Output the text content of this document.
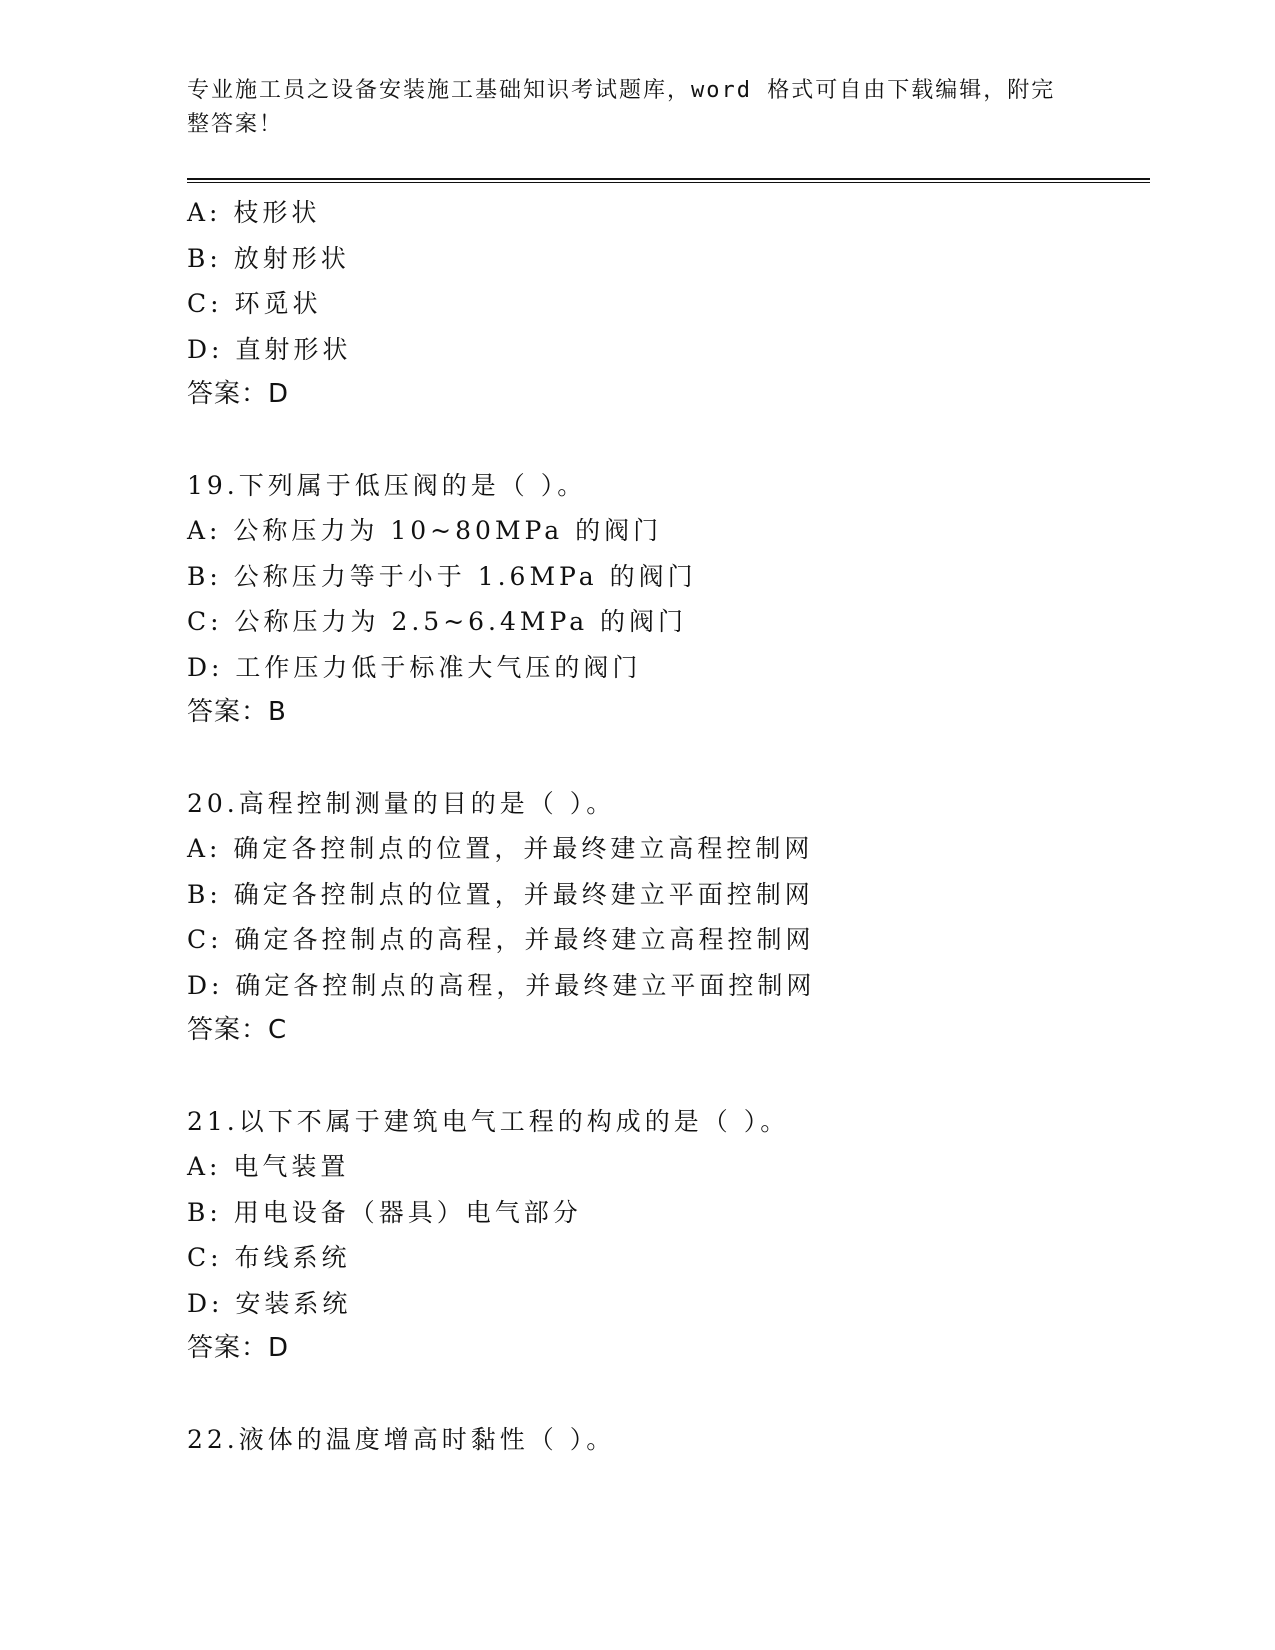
专业施工员之设备安装施工基础知识考试题库，word 格式可自由下载编辑，附完
整答案！
A: 枝形状
B: 放射形状
C: 环觅状
D: 直射形状
答案：D
19.下列属于低压阀的是（ ）。
A: 公称压力为 10~80MPa 的阀门
B: 公称压力等于小于 1.6MPa 的阀门
C: 公称压力为 2.5~6.4MPa 的阀门
D: 工作压力低于标准大气压的阀门
答案：B
20.高程控制测量的目的是（ ）。
A: 确定各控制点的位置，并最终建立高程控制网
B: 确定各控制点的位置，并最终建立平面控制网
C: 确定各控制点的高程，并最终建立高程控制网
D: 确定各控制点的高程，并最终建立平面控制网
答案：C
21.以下不属于建筑电气工程的构成的是（ ）。
A: 电气装置
B: 用电设备（器具）电气部分
C: 布线系统
D: 安装系统
答案：D
22.液体的温度增高时黏性（ ）。
